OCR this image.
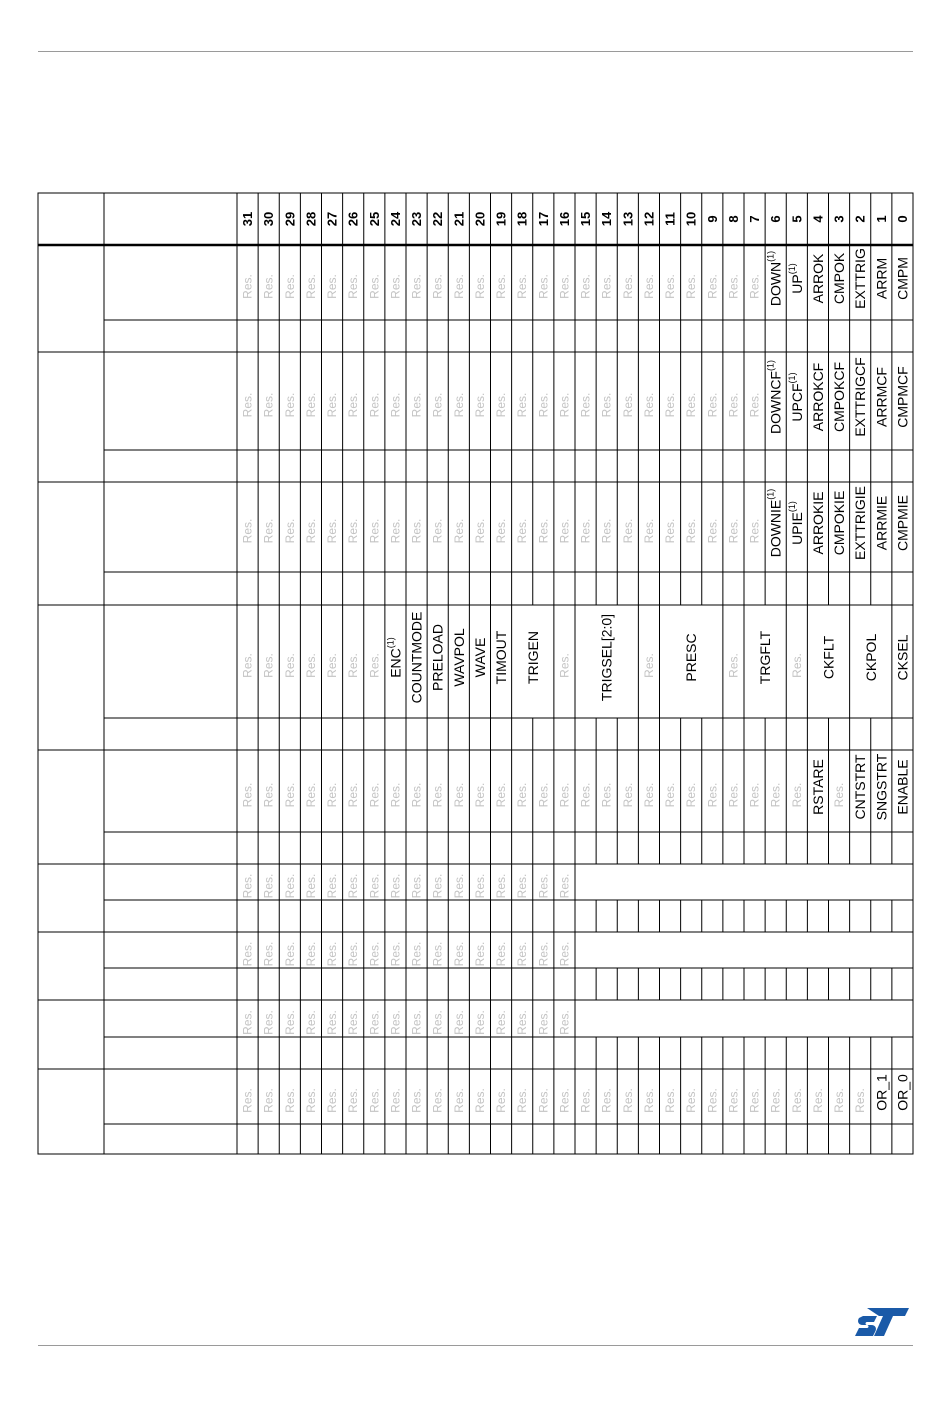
31 30 29 28 27 26 25 24 23 22 21 20 19 18 17 16 15 14 13 12 11 10 9 8 7 6 5 4 3 2 1 0
Res. Res. Res. Res. Res. Res. Res. Res. Res. Res. Res. Res. Res. Res. Res. Res. Res. Res. Res. Res. Res. Res. Res. Res. Res. DOWN$^{(1)}$
UP$^{(1)}$ ARROK CMPOK EXTTRIG ARRM CMPM
Res. Res. Res. Res. Res. Res. Res. Res. Res. Res. Res. Res. Res. Res. Res. Res. Res. Res. Res. Res. Res. Res. Res. Res. Res. DOWNCF$^{(1)}$
UPCF$^{(1)}$ ARROKCF CMPOKCF EXTTRIGCF ARRMCF CMPMCF
Res. Res. Res. Res. Res. Res. Res. Res. Res. Res. Res. Res. Res. Res. Res. Res. Res. Res. Res. Res. Res. Res. Res. Res. Res. DOWNIE$^{(1)}$
UPIE$^{(1)}$ ARROKIE CMPOKIE EXTTRIGIE ARRMIE CMPMIE
Res. Res. Res. Res. Res. Res. Res. ENC$^{(1)}$ COUNTMODE PRELOAD WAVPOL WAVE TIMOUT TRIGEN Res. TRIGSEL[2:0] Res. PRESC Res. TRGFLT Res. CKFLT CKPOL CKSEL
Res. Res. Res. Res. Res. Res. Res. Res. Res. Res. Res. Res. Res. Res. Res. Res. Res. Res. Res. Res. Res. Res. Res. Res. Res. Res. Res. RSTARE Res. CNTSTRT SNGSTRT ENABLE
Res. Res. Res. Res. Res. Res. Res. Res. Res. Res. Res. Res. Res. Res. Res. Res.
Res. Res. Res. Res. Res. Res. Res. Res. Res. Res. Res. Res. Res. Res. Res. Res.
Res. Res. Res. Res. Res. Res. Res. Res. Res. Res. Res. Res. Res. Res. Res. Res.
Res. Res. Res. Res. Res. Res. Res. Res. Res. Res. Res. Res. Res. Res. Res. Res. Res. Res. Res. Res. Res. Res. Res. Res. Res. Res. Res. Res. Res. Res. OR_1 OR_0
